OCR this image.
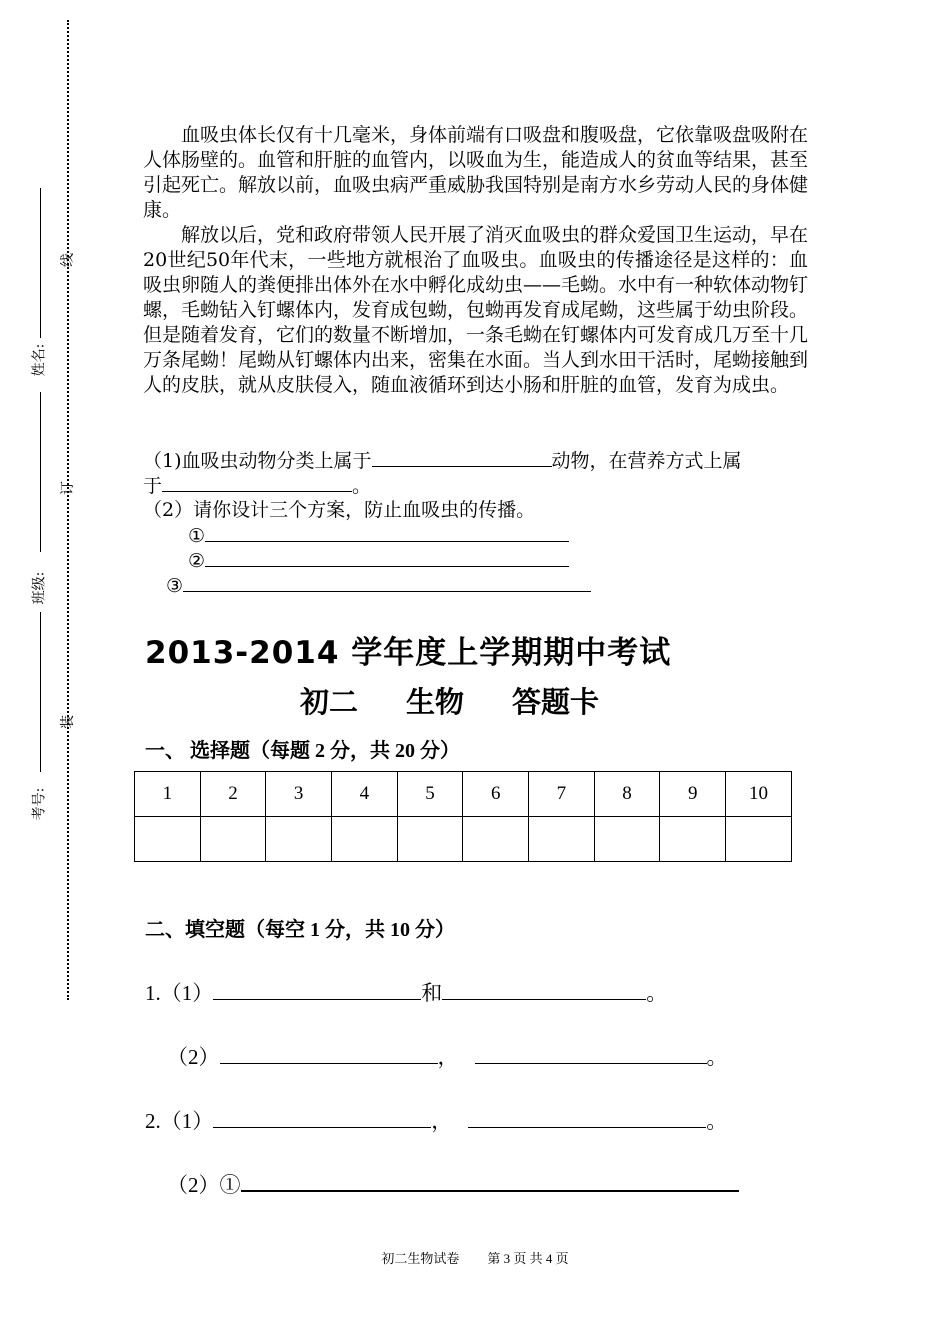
线
姓名:
订
班级:
装
考号:
血吸虫体长仅有十几毫米，身体前端有口吸盘和腹吸盘，它依靠吸盘吸附在人体肠壁的。血管和肝脏的血管内，以吸血为生，能造成人的贫血等结果，甚至引起死亡。解放以前，血吸虫病严重威胁我国特别是南方水乡劳动人民的身体健康。
解放以后，党和政府带领人民开展了消灭血吸虫的群众爱国卫生运动，早在20世纪50年代末，一些地方就根治了血吸虫。血吸虫的传播途径是这样的：血吸虫卵随人的粪便排出体外在水中孵化成幼虫——毛蚴。水中有一种软体动物钉螺，毛蚴钻入钉螺体内，发育成包蚴，包蚴再发育成尾蚴，这些属于幼虫阶段。但是随着发育，它们的数量不断增加，一条毛蚴在钉螺体内可发育成几万至十几万条尾蚴！尾蚴从钉螺体内出来，密集在水面。当人到水田干活时，尾蚴接触到人的皮肤，就从皮肤侵入，随血液循环到达小肠和肝脏的血管，发育为成虫。
（1)血吸虫动物分类上属于	动物，在营养方式上属
于	。
（2）请你设计三个方案，防止血吸虫的传播。
①
②
③
2013-2014 学年度上学期期中考试
初二 生物 答题卡
一、 选择题（每题 2 分，共 20 分）
1	2	3	4	5	6	7	8	9	10

二、填空题（每空 1 分，共 10 分）
1.（1）	和	。
（2）	，	。
2.（1）	，	。
（2）①
初二生物试卷 第 3 页 共 4 页
